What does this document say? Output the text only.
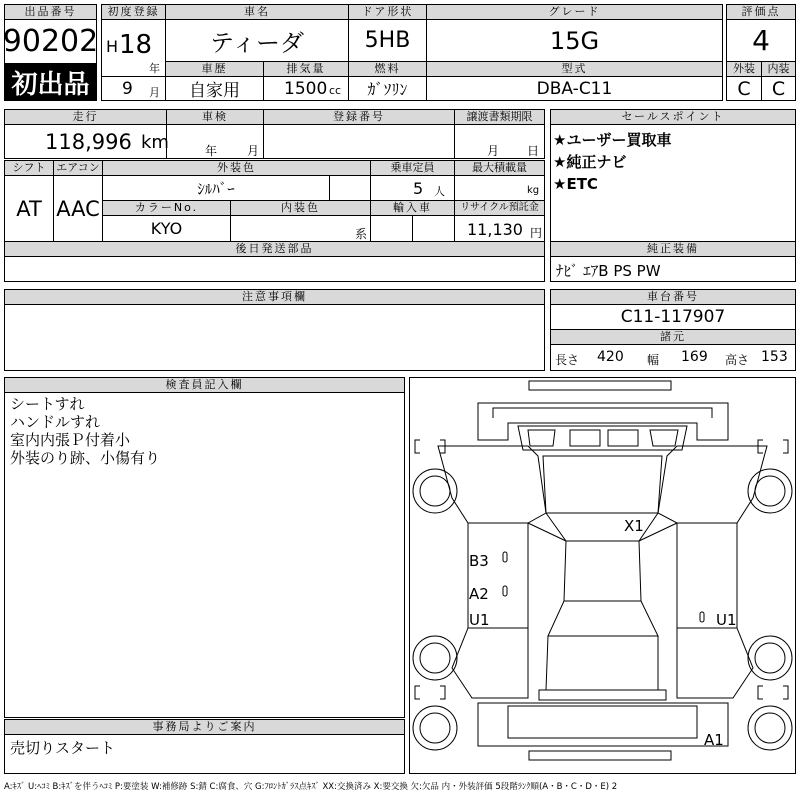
出品番号
90202
初出品
初度登録
H 18
年
9 月
車名
ティーダ
ドア形状
5HB
グレード
15G
評価点
4
車歴
自家用
排気量
1500 cc
燃料
ｶﾞｿﾘﾝ
型式
DBA-C11
外装	内装
C	C
走行
118,996 km
車検
年 月
登録番号	譲渡書類期限
月 日
セールスポイント
★ユーザー買取車
★純正ナビ
★ETC
シフト
AT
エアコン
AAC
外装色
ｼﾙﾊﾞｰ
乗車定員
5 人
最大積載量
kg
カラーNo.
KYO
内装色
系
輸入車	リサイクル預託金
11,130 円
後日発送部品	純正装備
ﾅﾋﾞ ｴｱB PS PW
注意事項欄	車台番号
C11-117907
諸元
長さ 420 幅 169 高さ 153
検査員記入欄
シートすれ
ハンドルすれ
室内内張Ｐ付着小
外装のり跡、小傷有り
事務局よりご案内
売切りスタート
X1
B3
A2
U1	U1
A1
A:ｷｽﾞ U:ﾍｺﾐ B:ｷｽﾞを伴うﾍｺﾐ P:要塗装 W:補修跡 S:錆 C:腐食、穴 G:ﾌﾛﾝﾄｶﾞﾗｽ点ｷｽﾞ XX:交換済み X:要交換 欠:欠品 内・外装評価 5段階ﾗﾝｸ順(A・B・C・D・E) 2
